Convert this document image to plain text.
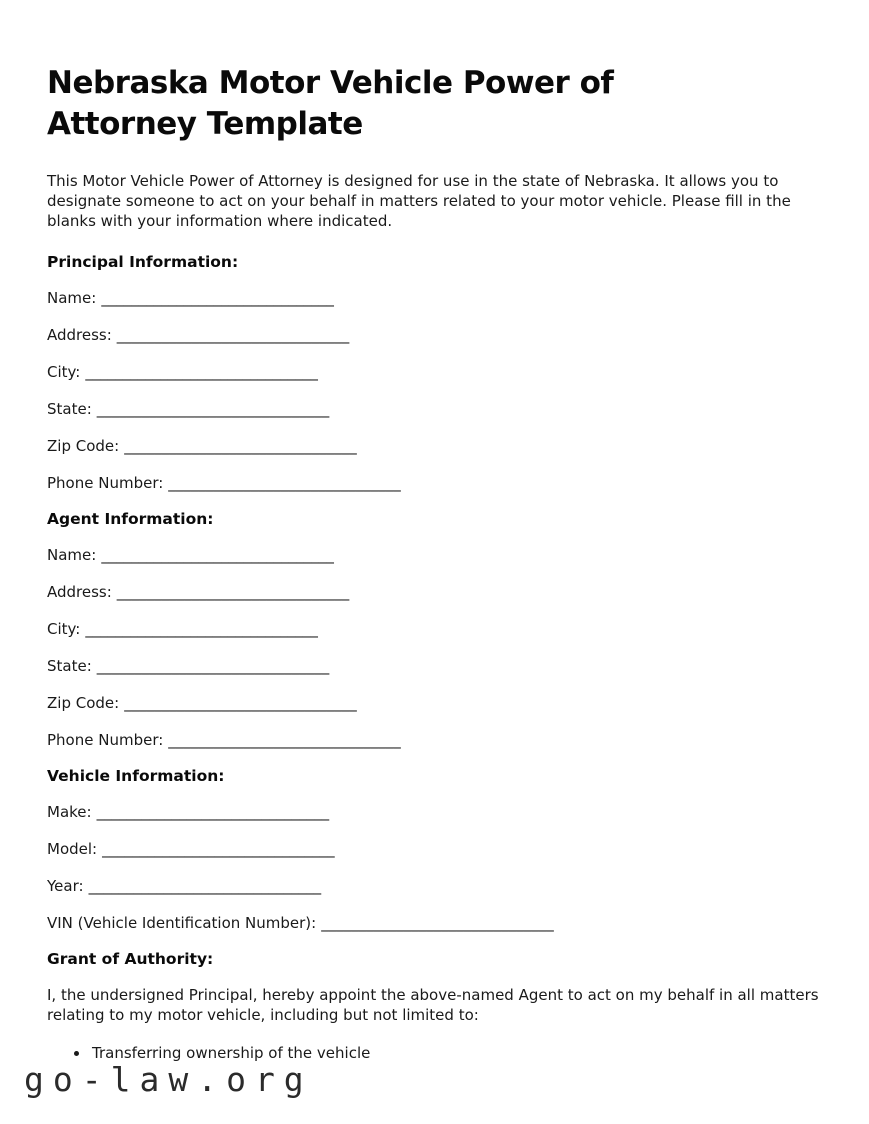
Nebraska Motor Vehicle Power of Attorney Template

This Motor Vehicle Power of Attorney is designed for use in the state of Nebraska. It allows you to designate someone to act on your behalf in matters related to your motor vehicle. Please fill in the blanks with your information where indicated.

Principal Information:
Name: _______________________________
Address: _______________________________
City: _______________________________
State: _______________________________
Zip Code: _______________________________
Phone Number: _______________________________
Agent Information:
Name: _______________________________
Address: _______________________________
City: _______________________________
State: _______________________________
Zip Code: _______________________________
Phone Number: _______________________________
Vehicle Information:
Make: _______________________________
Model: _______________________________
Year: _______________________________
VIN (Vehicle Identification Number): _______________________________
Grant of Authority:

I, the undersigned Principal, hereby appoint the above-named Agent to act on my behalf in all matters relating to my motor vehicle, including but not limited to:

• Transferring ownership of the vehicle
go-law.org
